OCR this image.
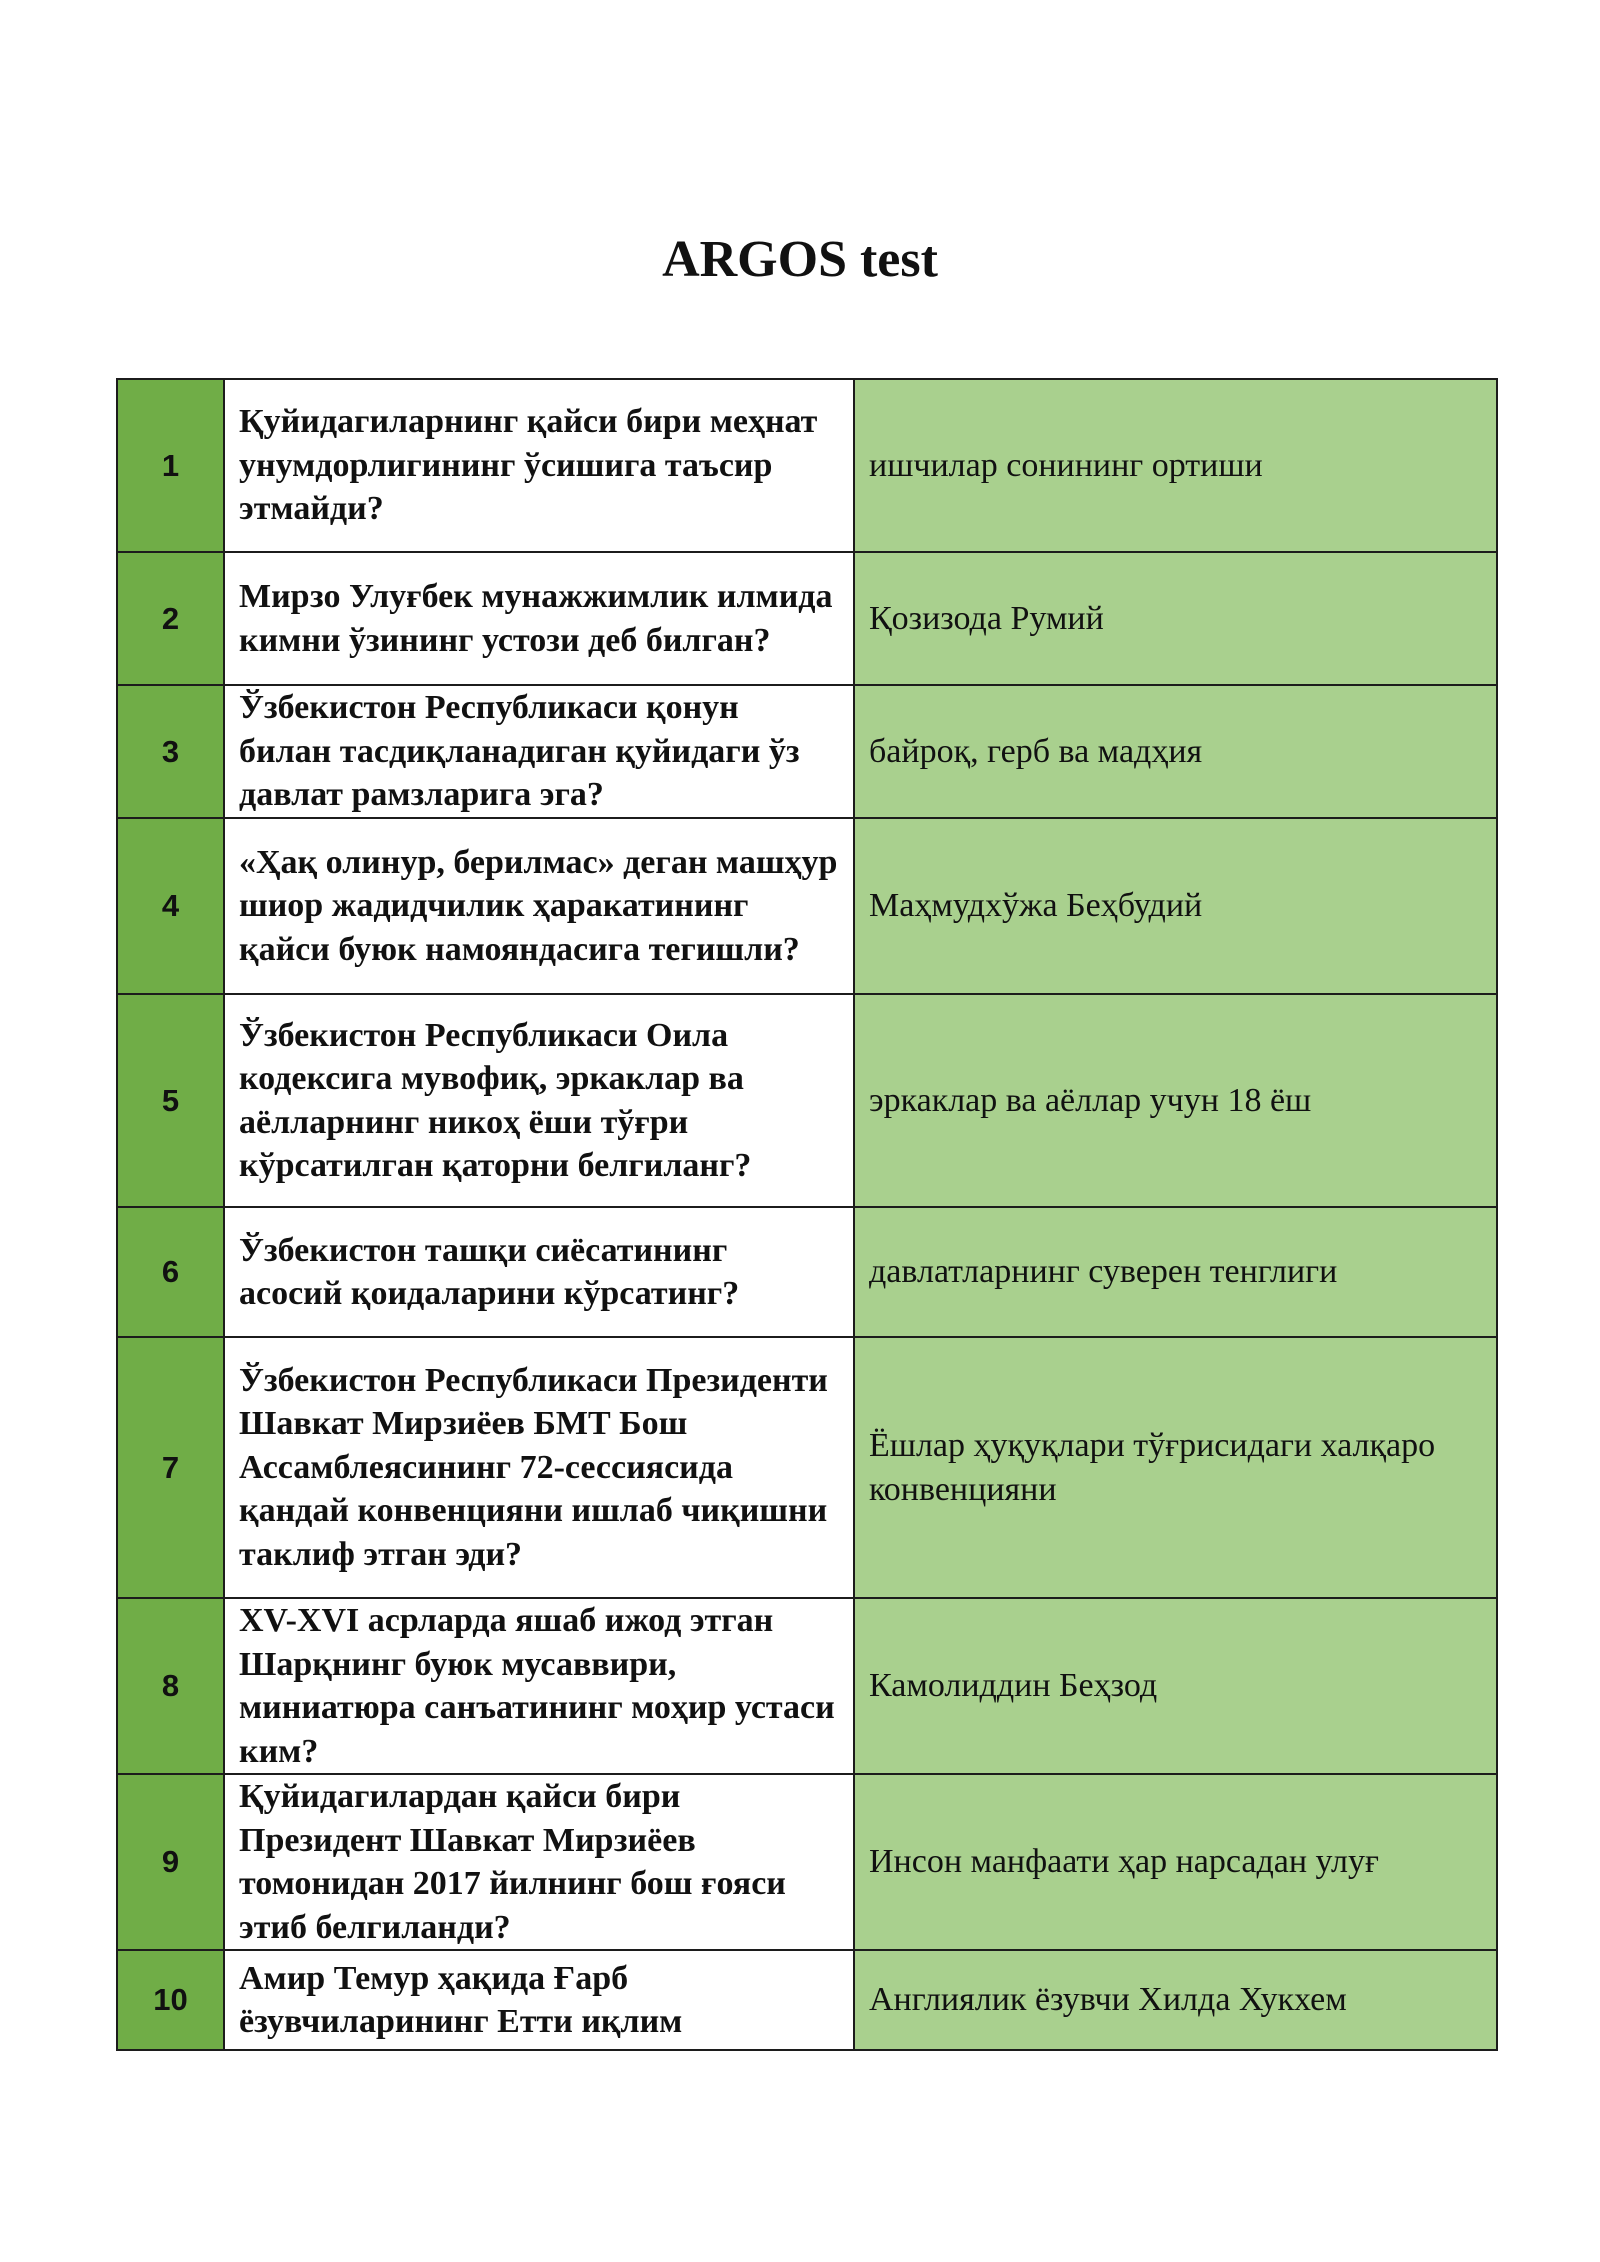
ARGOS test
1	Қуйидагиларнинг қайси бири меҳнат унумдорлигининг ўсишига таъсир этмайди?	ишчилар сонининг ортиши
2	Мирзо Улуғбек мунажжимлик илмида кимни ўзининг устози деб билган?	Қозизода Румий
3	Ўзбекистон Республикаси қонун билан тасдиқланадиган қуйидаги ўз давлат рамзларига эга?	байроқ, герб ва мадҳия
4	«Ҳақ олинур, берилмас» деган машҳур шиор жадидчилик ҳаракатининг қайси буюк намояндасига тегишли?	Маҳмудхўжа Беҳбудий
5	Ўзбекистон Республикаси Оила кодексига мувофиқ, эркаклар ва аёлларнинг никоҳ ёши тўғри кўрсатилган қаторни белгиланг?	эркаклар ва аёллар учун 18 ёш
6	Ўзбекистон ташқи сиёсатининг асосий қоидаларини кўрсатинг?	давлатларнинг суверен тенглиги
7	Ўзбекистон Республикаси Президенти Шавкат Мирзиёев БМТ Бош Ассамблеясининг 72-сессиясида қандай конвенцияни ишлаб чиқишни таклиф этган эди?	Ёшлар ҳуқуқлари тўғрисидаги халқаро конвенцияни
8	XV-XVI асрларда яшаб ижод этган Шарқнинг буюк мусаввири, миниатюра санъатининг моҳир устаси ким?	Камолиддин Беҳзод
9	Қуйидагилардан қайси бири Президент Шавкат Мирзиёев томонидан 2017 йилнинг бош ғояси этиб белгиланди?	Инсон манфаати ҳар нарсадан улуғ
10	Амир Темур ҳақида Ғарб ёзувчиларининг Етти иқлим	Англиялик ёзувчи Хилда Хукхем
